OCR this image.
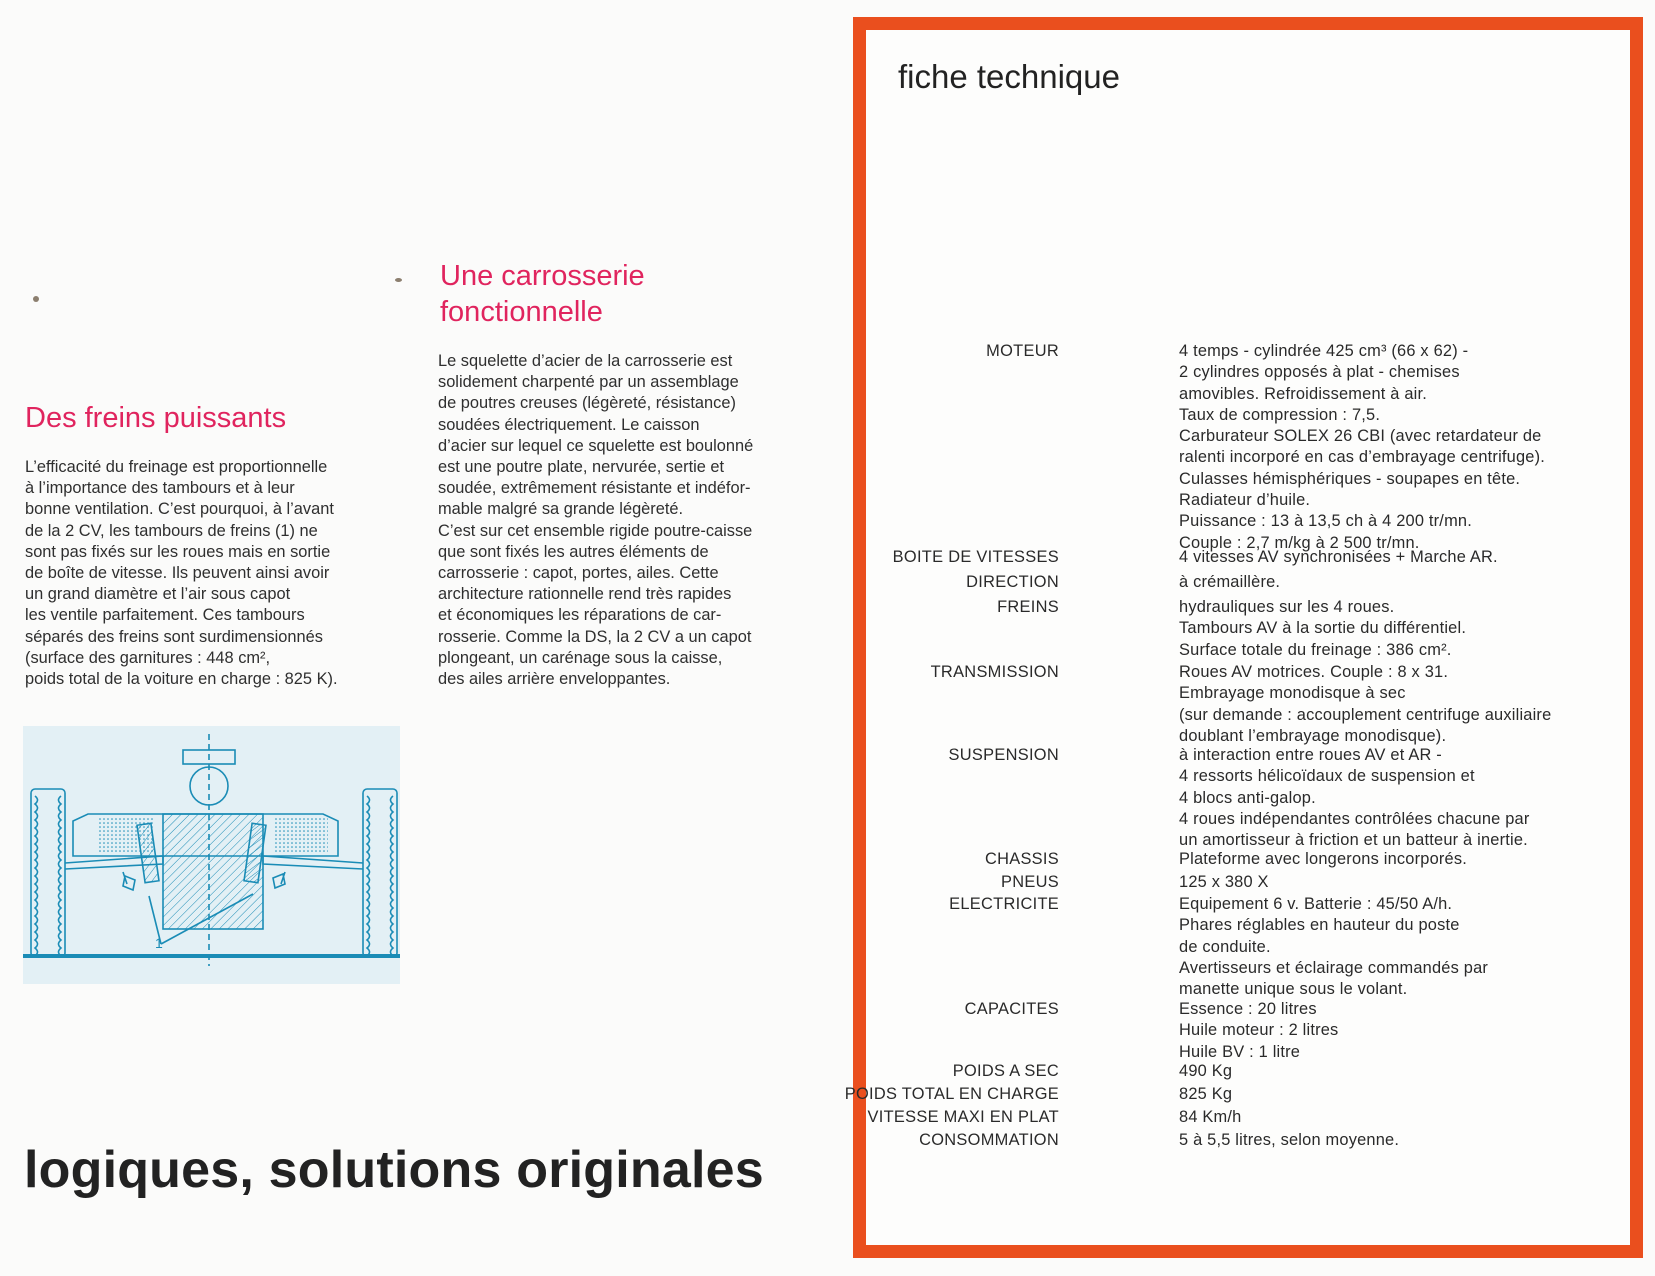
Des freins puissants

L’efficacité du freinage est proportionnelle
à l’importance des tambours et à leur
bonne ventilation. C’est pourquoi, à l’avant
de la 2 CV, les tambours de freins (1) ne
sont pas fixés sur les roues mais en sortie
de boîte de vitesse. Ils peuvent ainsi avoir
un grand diamètre et l’air sous capot
les ventile parfaitement. Ces tambours
séparés des freins sont surdimensionnés
(surface des garnitures : 448 cm²,
poids total de la voiture en charge : 825 K).

Une carrosserie
fonctionnelle

Le squelette d’acier de la carrosserie est
solidement charpenté par un assemblage
de poutres creuses (légèreté, résistance)
soudées électriquement. Le caisson
d’acier sur lequel ce squelette est boulonné
est une poutre plate, nervurée, sertie et
soudée, extrêmement résistante et indéfor-
mable malgré sa grande légèreté.
C’est sur cet ensemble rigide poutre-caisse
que sont fixés les autres éléments de
carrosserie : capot, portes, ailes. Cette
architecture rationnelle rend très rapides
et économiques les réparations de car-
rosserie. Comme la DS, la 2 CV a un capot
plongeant, un carénage sous la caisse,
des ailes arrière enveloppantes.

1
logiques, solutions originales
fiche technique
MOTEUR	4 temps - cylindrée 425 cm³ (66 x 62) -
2 cylindres opposés à plat - chemises
amovibles. Refroidissement à air.
Taux de compression : 7,5.
Carburateur SOLEX 26 CBI (avec retardateur de
ralenti incorporé en cas d’embrayage centrifuge).
Culasses hémisphériques - soupapes en tête.
Radiateur d’huile.
Puissance : 13 à 13,5 ch à 4 200 tr/mn.
Couple : 2,7 m/kg à 2 500 tr/mn.
BOITE DE VITESSES	4 vitesses AV synchronisées + Marche AR.
DIRECTION	à crémaillère.
FREINS	hydrauliques sur les 4 roues.
Tambours AV à la sortie du différentiel.
Surface totale du freinage : 386 cm².
TRANSMISSION	Roues AV motrices. Couple : 8 x 31.
Embrayage monodisque à sec
(sur demande : accouplement centrifuge auxiliaire
doublant l’embrayage monodisque).
SUSPENSION	à interaction entre roues AV et AR -
4 ressorts hélicoïdaux de suspension et
4 blocs anti-galop.
4 roues indépendantes contrôlées chacune par
un amortisseur à friction et un batteur à inertie.
CHASSIS	Plateforme avec longerons incorporés.
PNEUS	125 x 380 X
ELECTRICITE	Equipement 6 v. Batterie : 45/50 A/h.
Phares réglables en hauteur du poste
de conduite.
Avertisseurs et éclairage commandés par
manette unique sous le volant.
CAPACITES	Essence : 20 litres
Huile moteur : 2 litres
Huile BV : 1 litre
POIDS A SEC	490 Kg
POIDS TOTAL EN CHARGE	825 Kg
VITESSE MAXI EN PLAT	84 Km/h
CONSOMMATION	5 à 5,5 litres, selon moyenne.
